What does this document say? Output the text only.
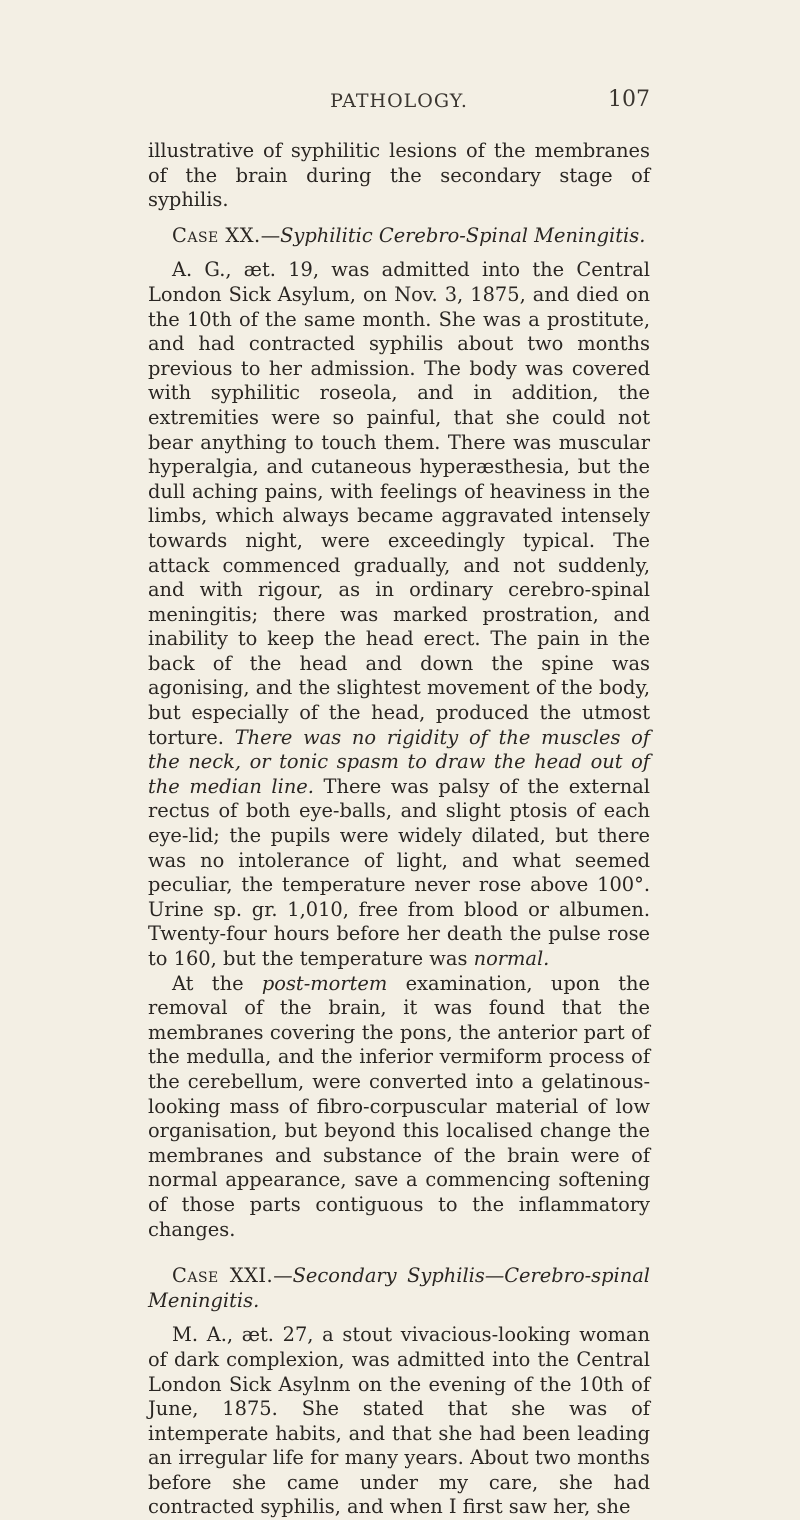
PATHOLOGY.	107

illustrative of syphilitic lesions of the membranes of the brain during the secondary stage of syphilis.

Case XX.—Syphilitic Cerebro-Spinal Meningitis.

A. G., æt. 19, was admitted into the Central London Sick Asylum, on Nov. 3, 1875, and died on the 10th of the same month. She was a prostitute, and had contracted syphilis about two months previous to her admission. The body was covered with syphilitic roseola, and in addition, the extremities were so painful, that she could not bear anything to touch them. There was muscular hyperalgia, and cutaneous hyperæsthesia, but the dull aching pains, with feelings of heaviness in the limbs, which always became aggravated intensely towards night, were exceedingly typical. The attack commenced gradually, and not suddenly, and with rigour, as in ordinary cerebro-spinal meningitis; there was marked prostration, and inability to keep the head erect. The pain in the back of the head and down the spine was agonising, and the slightest movement of the body, but especially of the head, produced the utmost torture. There was no rigidity of the muscles of the neck, or tonic spasm to draw the head out of the median line. There was palsy of the external rectus of both eye-balls, and slight ptosis of each eye-lid; the pupils were widely dilated, but there was no intolerance of light, and what seemed peculiar, the temperature never rose above 100°. Urine sp. gr. 1,010, free from blood or albumen. Twenty-four hours before her death the pulse rose to 160, but the temperature was normal.

At the post-mortem examination, upon the removal of the brain, it was found that the membranes covering the pons, the anterior part of the medulla, and the inferior vermiform process of the cerebellum, were converted into a gelatinous-looking mass of fibro-corpuscular material of low organisation, but beyond this localised change the membranes and substance of the brain were of normal appearance, save a commencing softening of those parts contiguous to the inflammatory changes.

Case XXI.—Secondary Syphilis—Cerebro-spinal Meningitis.

M. A., æt. 27, a stout vivacious-looking woman of dark complexion, was admitted into the Central London Sick Asylnm on the evening of the 10th of June, 1875. She stated that she was of intemperate habits, and that she had been leading an irregular life for many years. About two months before she came under my care, she had contracted syphilis, and when I first saw her, she
